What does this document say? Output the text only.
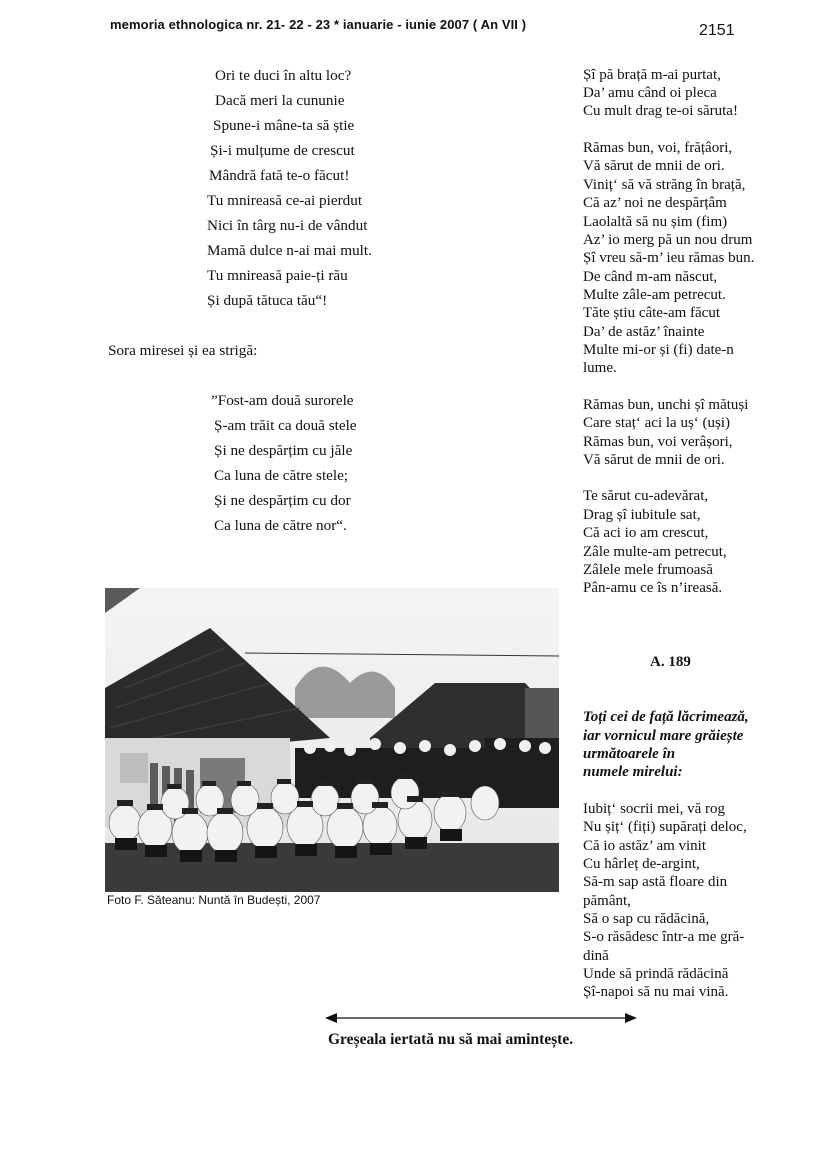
memoria ethnologica nr. 21- 22 - 23 * ianuarie - iunie 2007 ( An VII )	2151
Ori te duci în altu loc?
Dacă meri la cununie
Spune-i mâne-ta să știe
Și-i mulțume de crescut
Mândră fată te-o făcut!
Tu mnireasă ce-ai pierdut
Nici în târg nu-i de vândut
Mamă dulce n-ai mai mult.
Tu mnireasă paie-ți rău
Și după tătuca tău“!
Sora miresei și ea strigă:
”Fost-am două surorele
Ș-am trăit ca două stele
Și ne despărțim cu jăle
Ca luna de către stele;
Și ne despărțim cu dor
Ca luna de către nor“.
Șî pă brață m-ai purtat,
Da’ amu când oi pleca
Cu mult drag te-oi săruta!
Rămas bun, voi, frățâori,
Vă sărut de mnii de ori.
Viniț‘ să vă străng în brață,
Că az’ noi ne despărțâm
Laolaltă să nu șim (fim)
Az’ io merg pă un nou drum
Șî vreu să-m’ ieu rămas bun.
De când m-am născut,
Multe zâle-am petrecut.
Tăte știu câte-am făcut
Da’ de astăz’ înainte
Multe mi-or și (fi) date-n
lume.
Rămas bun, unchi șî mătuși
Care staț‘ aci la uș‘ (uși)
Rămas bun, voi verâșori,
Vă sărut de mnii de ori.
Te sărut cu-adevărat,
Drag șî iubitule sat,
Că aci io am crescut,
Zâle multe-am petrecut,
Zâlele mele frumoasă
Pân-amu ce îs n’ireasă.
A. 189
Toți cei de față lăcrimează,
iar vornicul mare grăiește
următoarele în
numele mirelui:
Iubiț‘ socrii mei, vă rog
Nu șiț‘ (fiți) supărați deloc,
Că io astăz’ am vinit
Cu hârleț de-argint,
Să-m sap astă floare din
pământ,
Să o sap cu rădăcină,
S-o răsădesc într-a me gră-
dină
Unde să prindă rădăcină
Șî-napoi să nu mai vină.
Foto F. Săteanu: Nuntă în Budești, 2007
Greșeala iertată nu să mai amintește.
